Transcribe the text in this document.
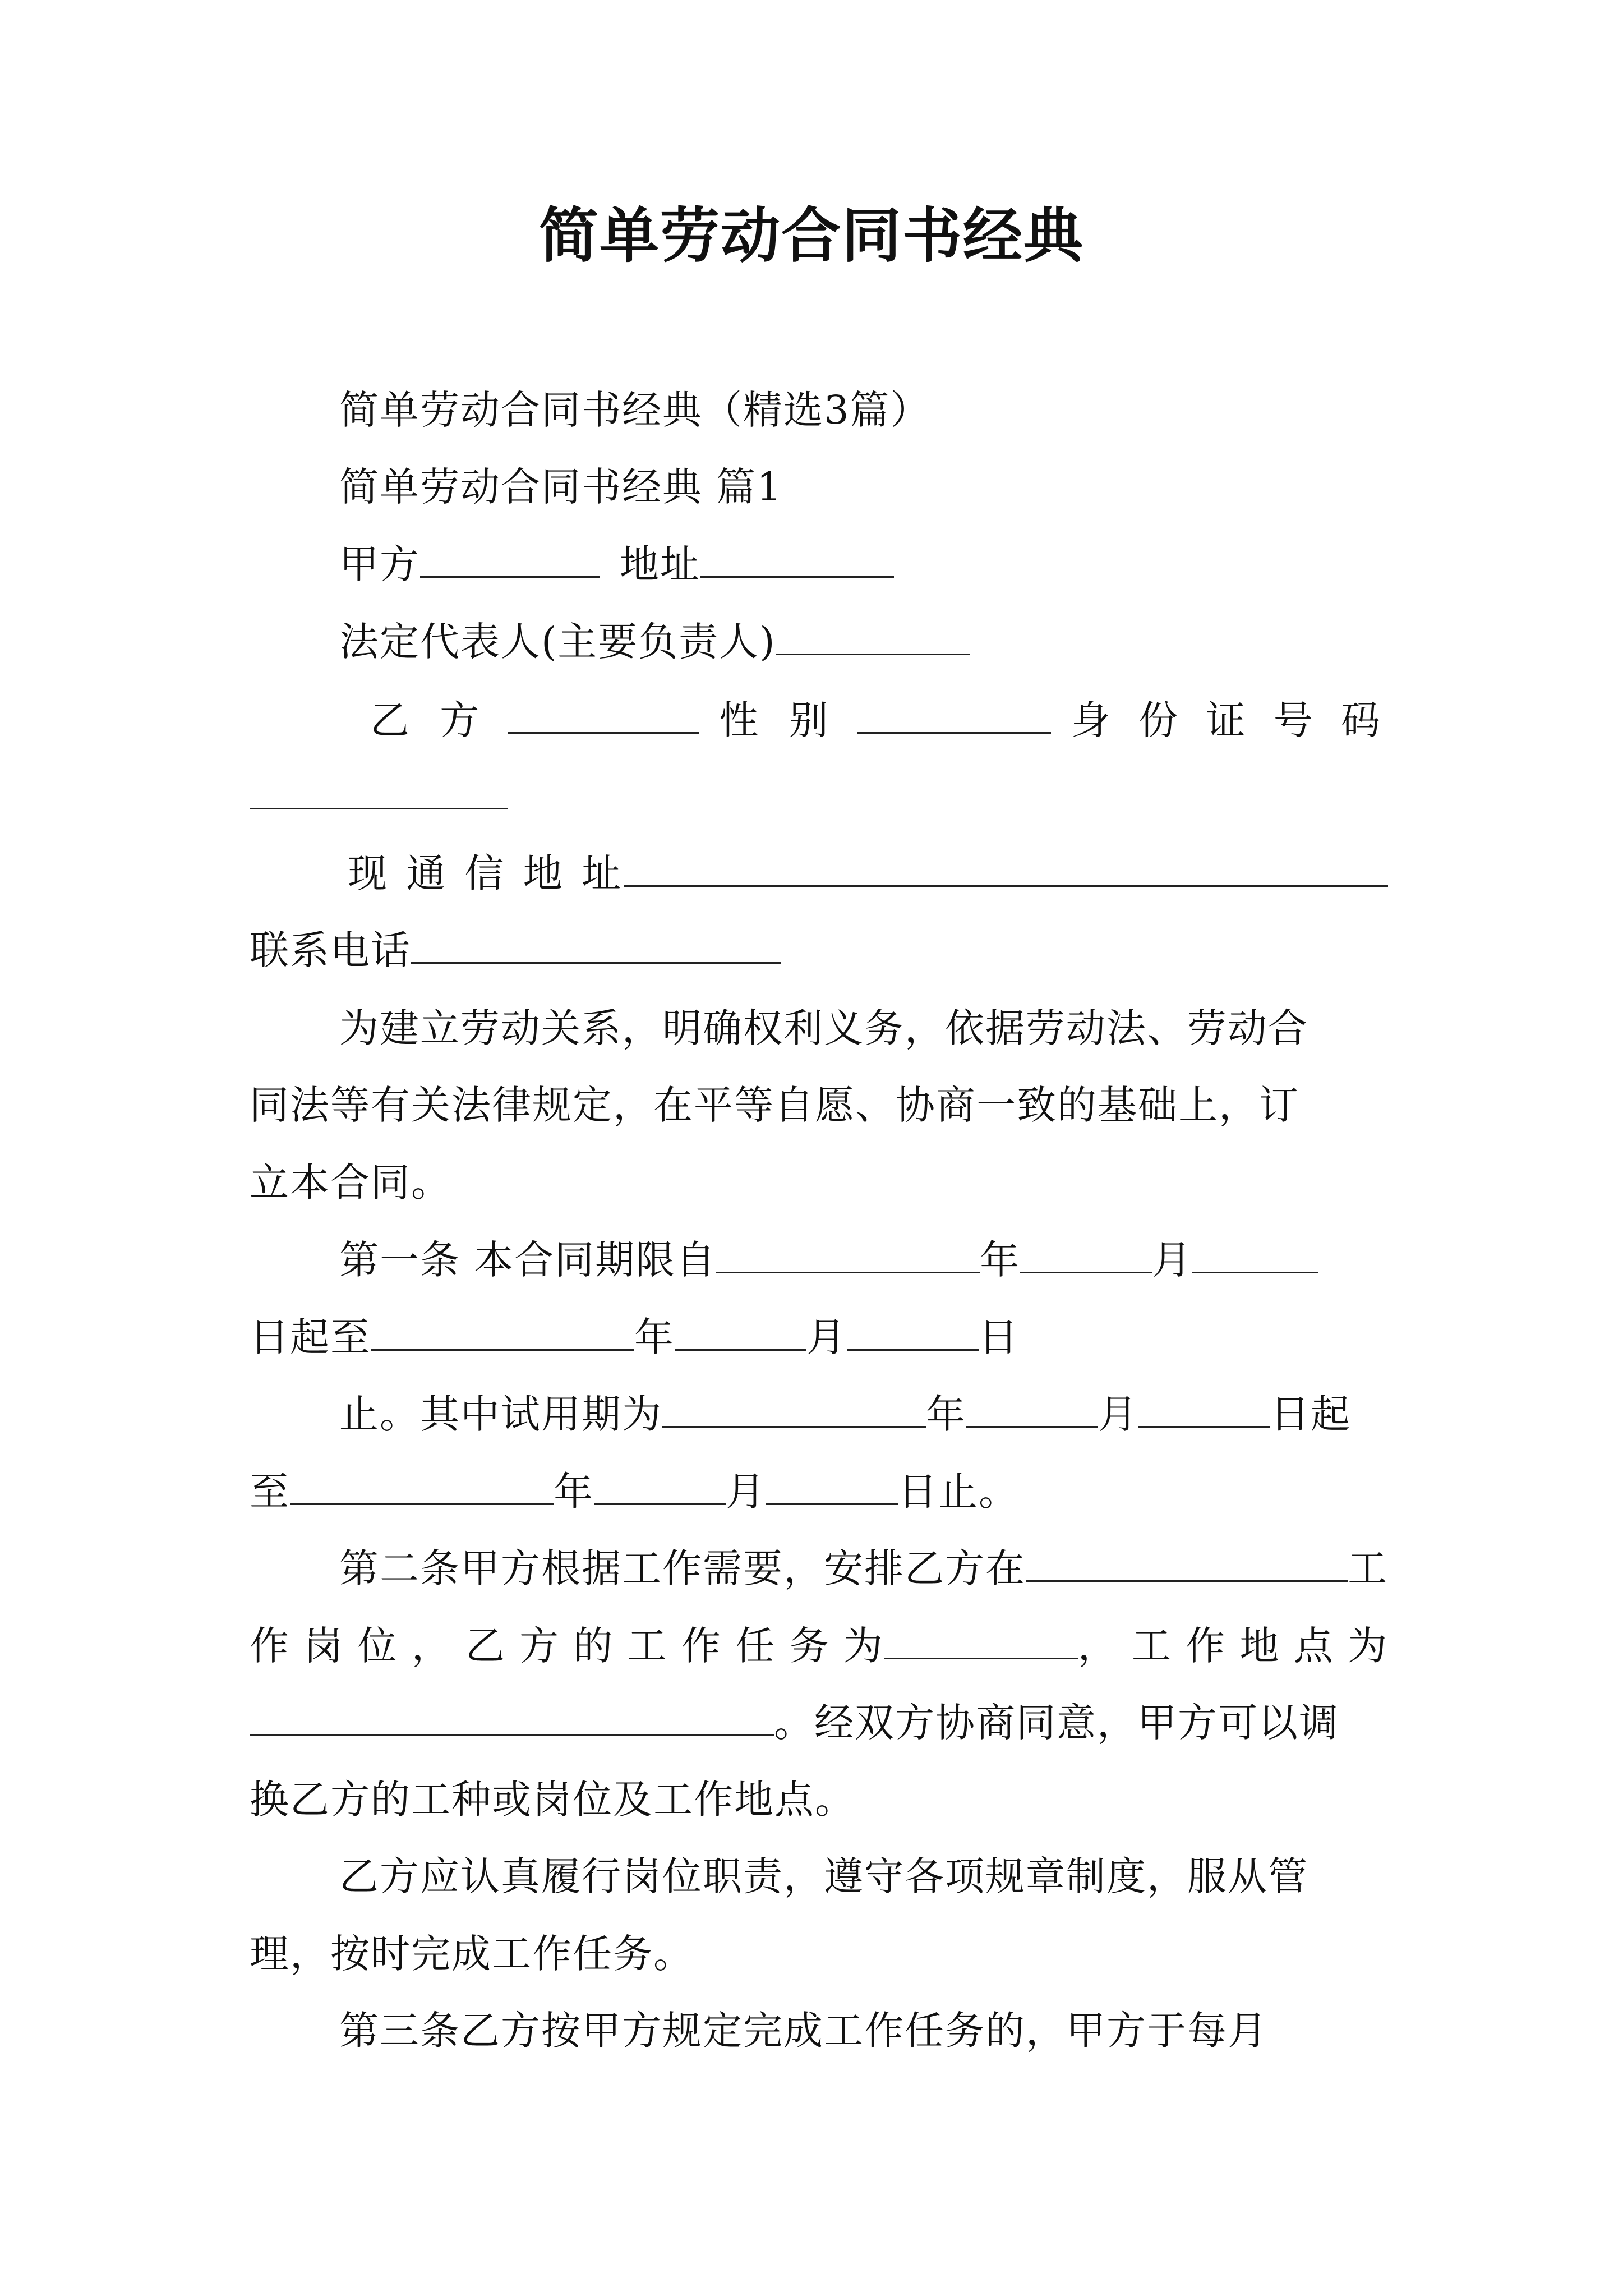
简单劳动合同书经典
简单劳动合同书经典（精选3篇）
简单劳动合同书经典 篇1
甲方	地址
法定代表人(主要负责人)
乙 方	性 别	身 份 证 号 码
现 通 信 地 址
联系电话
为建立劳动关系，明确权利义务，依据劳动法、劳动合
同法等有关法律规定，在平等自愿、协商一致的基础上，订
立本合同。
第一条 本合同期限自	年	月
日起至	年	月	日
止。其中试用期为	年	月	日起
至	年	月	日止。
第二条甲方根据工作需要，安排乙方在	工
作 岗 位 ， 乙 方 的 工 作 任 务 为	， 工 作 地 点 为
。经双方协商同意，甲方可以调
换乙方的工种或岗位及工作地点。
乙方应认真履行岗位职责，遵守各项规章制度，服从管
理，按时完成工作任务。
第三条乙方按甲方规定完成工作任务的，甲方于每月
